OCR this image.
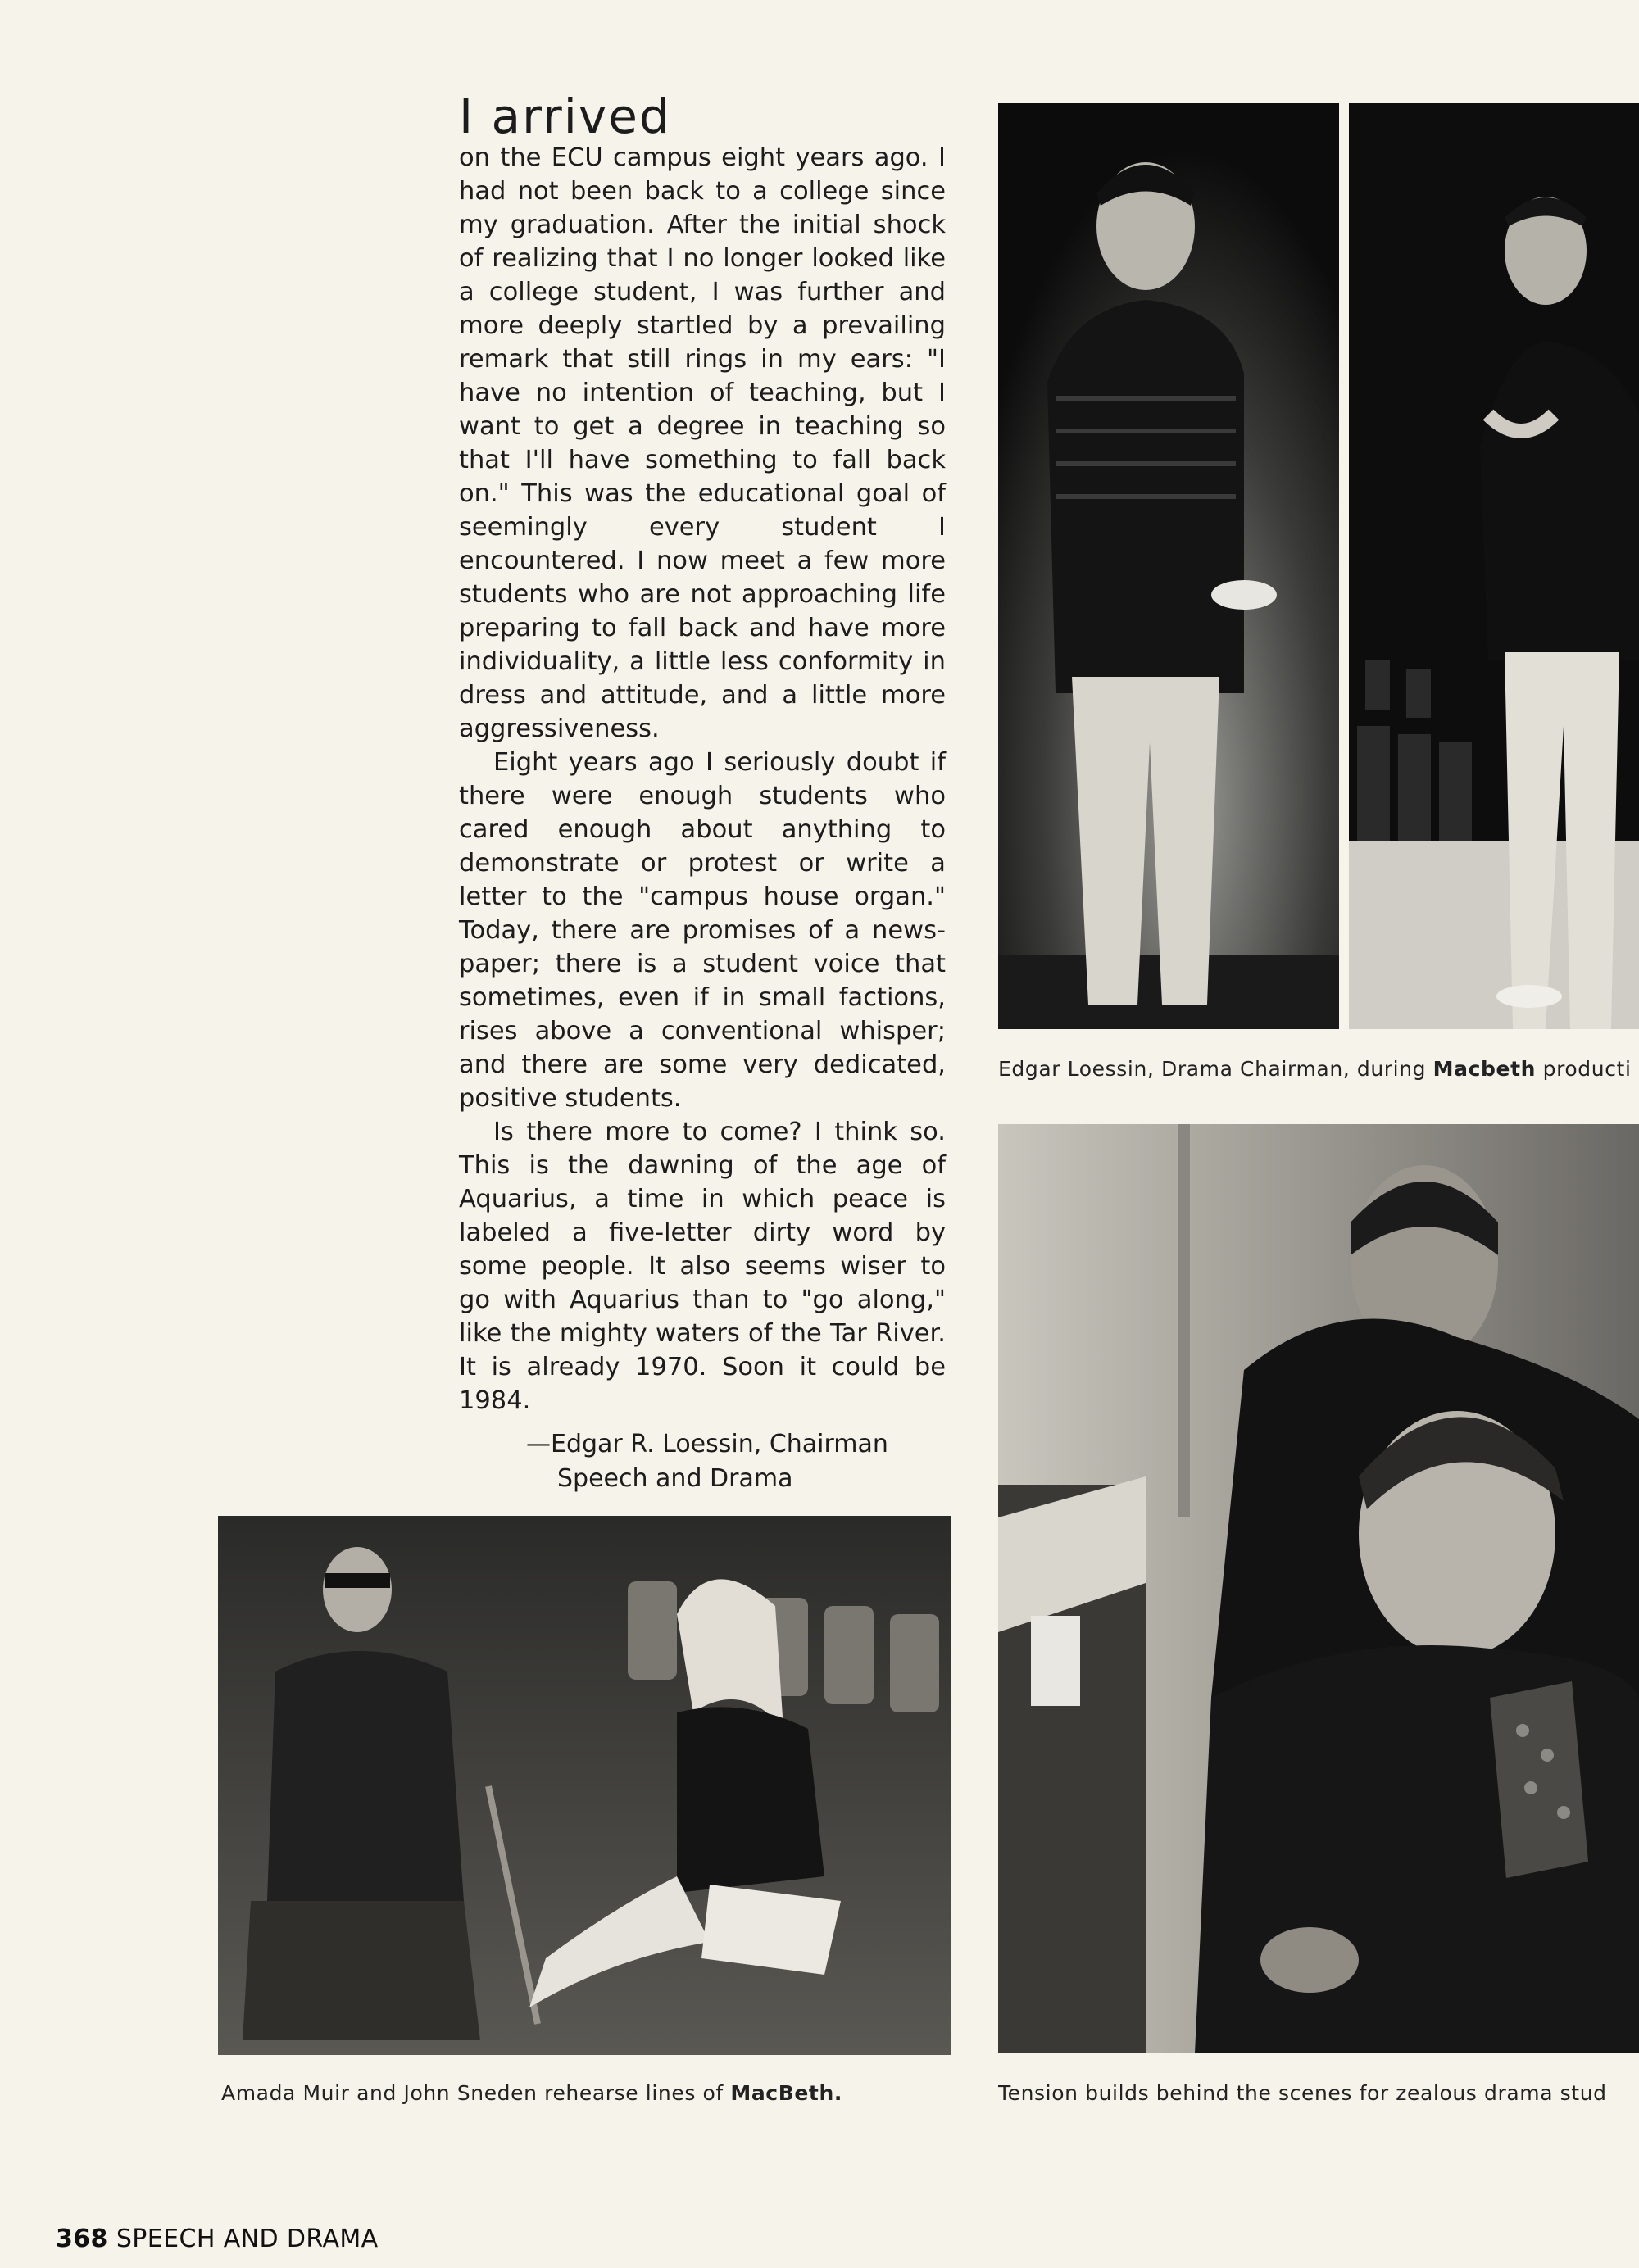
I arrived

on the ECU campus eight years ago. I had not been back to a college since my graduation. After the initial shock of realizing that I no longer looked like a college student, I was further and more deeply startled by a prevailing remark that still rings in my ears: "I have no intention of teaching, but I want to get a degree in teaching so that I'll have something to fall back on." This was the educational goal of seemingly every student I encountered. I now meet a few more students who are not approaching life preparing to fall back and have more individuality, a little less conformity in dress and attitude, and a little more aggressiveness.

Eight years ago I seriously doubt if there were enough students who cared enough about anything to demonstrate or protest or write a letter to the "campus house organ." Today, there are promises of a newspaper; there is a student voice that sometimes, even if in small factions, rises above a conventional whisper; and there are some very dedicated, positive students.

Is there more to come? I think so. This is the dawning of the age of Aquarius, a time in which peace is labeled a five-letter dirty word by some people. It also seems wiser to go with Aquarius than to "go along," like the mighty waters of the Tar River. It is already 1970. Soon it could be 1984.

—Edgar R. Loessin, Chairman
Speech and Drama
Edgar Loessin, Drama Chairman, during Macbeth producti
Tension builds behind the scenes for zealous drama stud
Amada Muir and John Sneden rehearse lines of MacBeth.
368 SPEECH AND DRAMA
